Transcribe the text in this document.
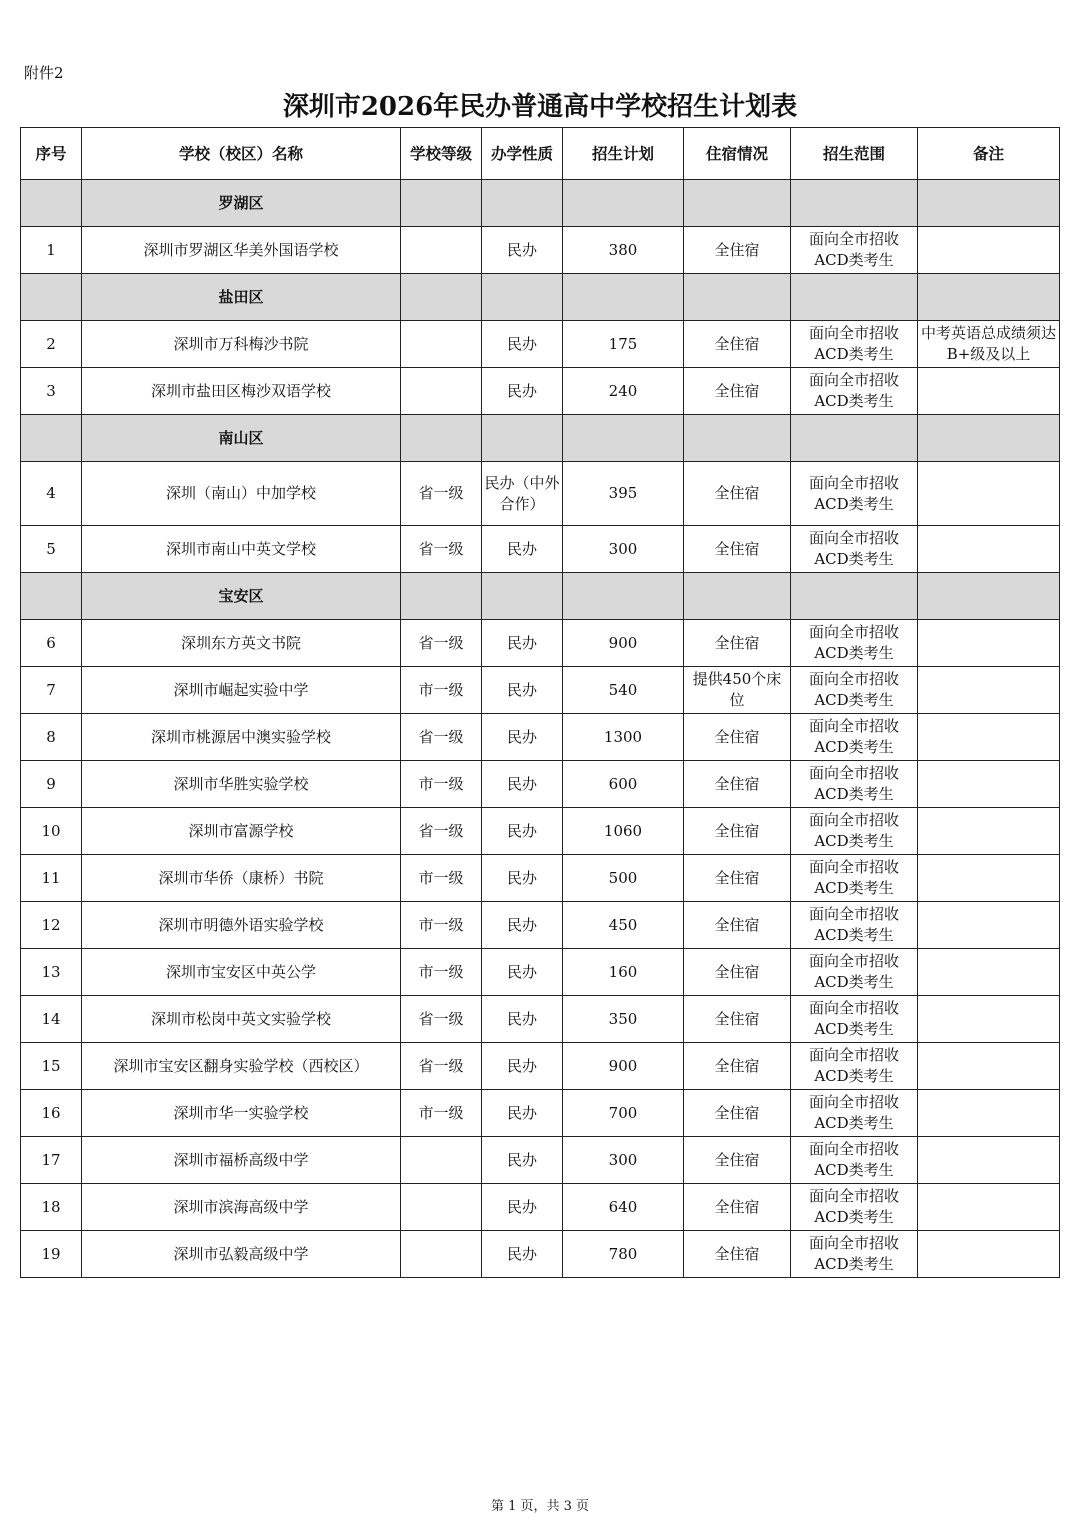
附件2
深圳市2026年民办普通高中学校招生计划表
序号	学校（校区）名称	学校等级	办学性质	招生计划	住宿情况	招生范围	备注
	罗湖区						
1	深圳市罗湖区华美外国语学校		民办	380	全住宿	面向全市招收ACD类考生	
	盐田区						
2	深圳市万科梅沙书院		民办	175	全住宿	面向全市招收ACD类考生	中考英语总成绩须达B+级及以上
3	深圳市盐田区梅沙双语学校		民办	240	全住宿	面向全市招收ACD类考生	
	南山区						
4	深圳（南山）中加学校	省一级	民办（中外合作）	395	全住宿	面向全市招收ACD类考生	
5	深圳市南山中英文学校	省一级	民办	300	全住宿	面向全市招收ACD类考生	
	宝安区						
6	深圳东方英文书院	省一级	民办	900	全住宿	面向全市招收ACD类考生	
7	深圳市崛起实验中学	市一级	民办	540	提供450个床位	面向全市招收ACD类考生	
8	深圳市桃源居中澳实验学校	省一级	民办	1300	全住宿	面向全市招收ACD类考生	
9	深圳市华胜实验学校	市一级	民办	600	全住宿	面向全市招收ACD类考生	
10	深圳市富源学校	省一级	民办	1060	全住宿	面向全市招收ACD类考生	
11	深圳市华侨（康桥）书院	市一级	民办	500	全住宿	面向全市招收ACD类考生	
12	深圳市明德外语实验学校	市一级	民办	450	全住宿	面向全市招收ACD类考生	
13	深圳市宝安区中英公学	市一级	民办	160	全住宿	面向全市招收ACD类考生	
14	深圳市松岗中英文实验学校	省一级	民办	350	全住宿	面向全市招收ACD类考生	
15	深圳市宝安区翻身实验学校（西校区）	省一级	民办	900	全住宿	面向全市招收ACD类考生	
16	深圳市华一实验学校	市一级	民办	700	全住宿	面向全市招收ACD类考生	
17	深圳市福桥高级中学		民办	300	全住宿	面向全市招收ACD类考生	
18	深圳市滨海高级中学		民办	640	全住宿	面向全市招收ACD类考生	
19	深圳市弘毅高级中学		民办	780	全住宿	面向全市招收ACD类考生	
第 1 页，共 3 页
